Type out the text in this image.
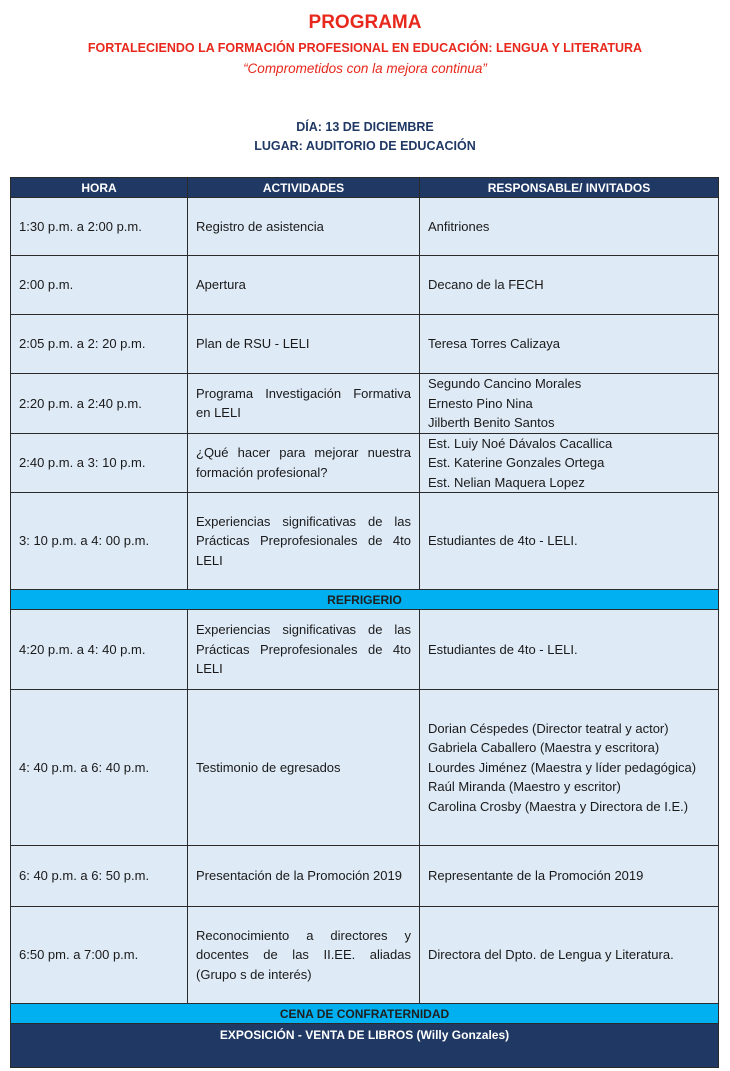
PROGRAMA
FORTALECIENDO LA FORMACIÓN PROFESIONAL EN EDUCACIÓN: LENGUA Y LITERATURA
“Comprometidos con la mejora continua”
DÍA: 13 DE DICIEMBRE
LUGAR: AUDITORIO DE EDUCACIÓN
HORA	ACTIVIDADES	RESPONSABLE/ INVITADOS
1:30 p.m. a 2:00 p.m.	Registro de asistencia	Anfitriones

2:00 p.m.	Apertura	Decano de la FECH

2:05 p.m. a 2: 20 p.m.	Plan de RSU - LELI	Teresa Torres Calizaya

2:20 p.m. a 2:40 p.m.	Programa Investigación Formativa en LELI	Segundo Cancino Morales
Ernesto Pino Nina
Jilberth Benito Santos

2:40 p.m. a 3: 10 p.m.	¿Qué hacer para mejorar nuestra formación profesional?	Est. Luiy Noé Dávalos Cacallica
Est. Katerine Gonzales Ortega
Est. Nelian Maquera Lopez

3: 10 p.m. a 4: 00 p.m.	Experiencias significativas de las Prácticas Preprofesionales de 4to LELI	Estudiantes de 4to - LELI.

REFRIGERIO		
4:20 p.m. a 4: 40 p.m.	Experiencias significativas de las Prácticas Preprofesionales de 4to LELI	Estudiantes de 4to - LELI.

4: 40 p.m. a 6: 40 p.m.	Testimonio de egresados	Dorian Céspedes (Director teatral y actor)
Gabriela Caballero (Maestra y escritora)
Lourdes Jiménez (Maestra y líder pedagógica)
Raúl Miranda (Maestro y escritor)
Carolina Crosby (Maestra y Directora de I.E.)

6: 40 p.m. a 6: 50 p.m.	Presentación de la Promoción 2019	Representante de la Promoción 2019

6:50 pm. a 7:00 p.m.	Reconocimiento a directores y docentes de las II.EE. aliadas (Grupo s de interés)	Directora del Dpto. de Lengua y Literatura.

CENA DE CONFRATERNIDAD		
EXPOSICIÓN - VENTA DE LIBROS (Willy Gonzales)		
